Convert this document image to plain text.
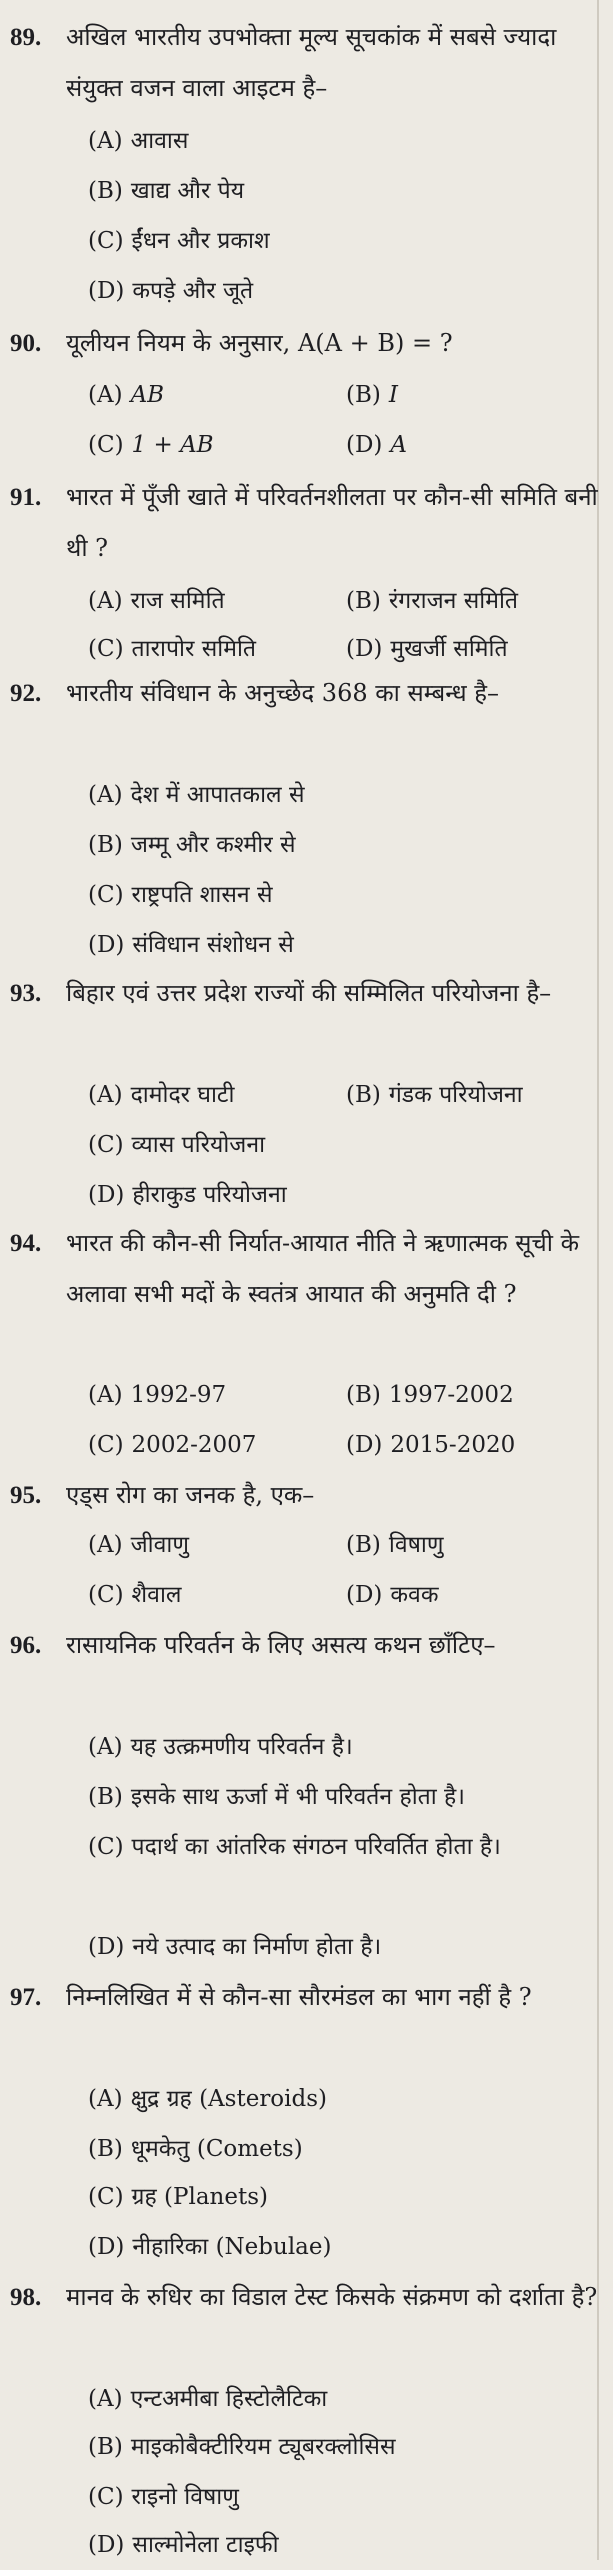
89. अखिल भारतीय उपभोक्ता मूल्य सूचकांक में सबसे ज्यादा संयुक्त वजन वाला आइटम है–
(A) आवास
(B) खाद्य और पेय
(C) ईंधन और प्रकाश
(D) कपड़े और जूते
90. यूलीयन नियम के अनुसार, A(A + B) = ?
(A) AB	(B) I
(C) 1 + AB	(D) A
91. भारत में पूँजी खाते में परिवर्तनशीलता पर कौन-सी समिति बनी थी ?
(A) राज समिति	(B) रंगराजन समिति
(C) तारापोर समिति	(D) मुखर्जी समिति
92. भारतीय संविधान के अनुच्छेद 368 का सम्बन्ध है–
(A) देश में आपातकाल से
(B) जम्मू और कश्मीर से
(C) राष्ट्रपति शासन से
(D) संविधान संशोधन से
93. बिहार एवं उत्तर प्रदेश राज्यों की सम्मिलित परियोजना है–
(A) दामोदर घाटी	(B) गंडक परियोजना
(C) व्यास परियोजना
(D) हीराकुड परियोजना
94. भारत की कौन-सी निर्यात-आयात नीति ने ऋणात्मक सूची के अलावा सभी मदों के स्वतंत्र आयात की अनुमति दी ?
(A) 1992-97	(B) 1997-2002
(C) 2002-2007	(D) 2015-2020
95. एड्स रोग का जनक है, एक–
(A) जीवाणु	(B) विषाणु
(C) शैवाल	(D) कवक
96. रासायनिक परिवर्तन के लिए असत्य कथन छाँटिए–
(A) यह उत्क्रमणीय परिवर्तन है।
(B) इसके साथ ऊर्जा में भी परिवर्तन होता है।
(C) पदार्थ का आंतरिक संगठन परिवर्तित होता है।
(D) नये उत्पाद का निर्माण होता है।
97. निम्नलिखित में से कौन-सा सौरमंडल का भाग नहीं है ?
(A) क्षुद्र ग्रह (Asteroids)
(B) धूमकेतु (Comets)
(C) ग्रह (Planets)
(D) नीहारिका (Nebulae)
98. मानव के रुधिर का विडाल टेस्ट किसके संक्रमण को दर्शाता है?
(A) एन्टअमीबा हिस्टोलैटिका
(B) माइकोबैक्टीरियम ट्यूबरक्लोसिस
(C) राइनो विषाणु
(D) साल्मोनेला टाइफी
